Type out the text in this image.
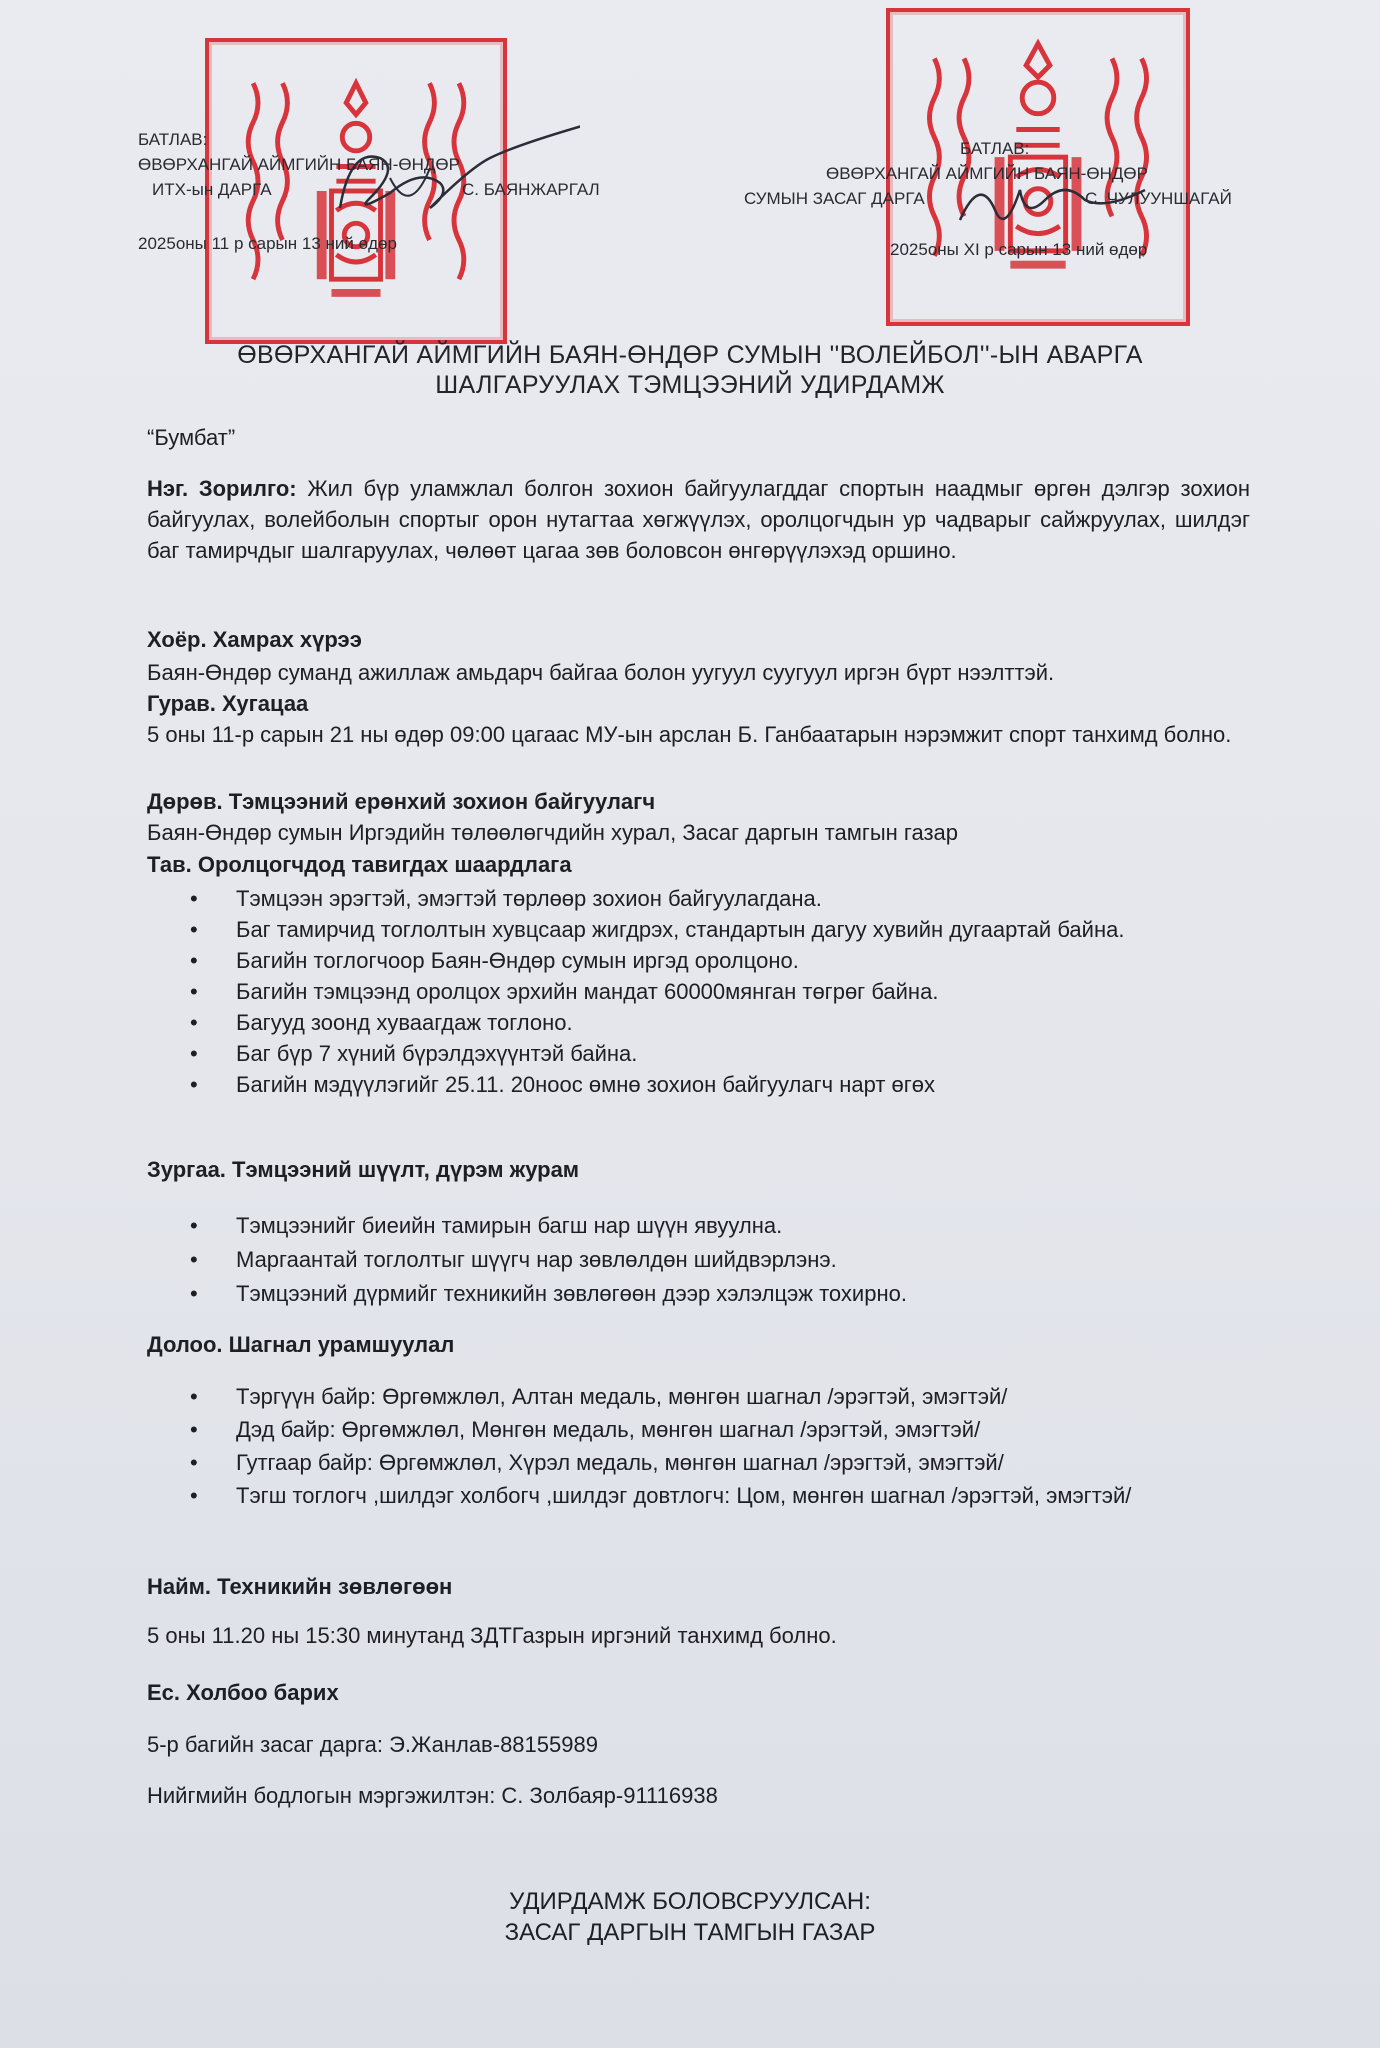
БАТЛАВ:
ӨВӨРХАНГАЙ АЙМГИЙН БАЯН-ӨНДӨР
ИТХ-ын ДАРГА	С. БАЯНЖАРГАЛ
2025оны 11 р сарын 13 ний өдөр
БАТЛАВ:
ӨВӨРХАНГАЙ АЙМГИЙН БАЯН-ӨНДӨР
СУМЫН ЗАСАГ ДАРГА	С. ЧУЛУУНШАГАЙ
2025оны XI р сарын 13 ний өдөр
ӨВӨРХАНГАЙ АЙМГИЙН БАЯН-ӨНДӨР СУМЫН ''ВОЛЕЙБОЛ''-ЫН АВАРГА
ШАЛГАРУУЛАХ ТЭМЦЭЭНИЙ УДИРДАМЖ
“Бумбат”
Нэг. Зорилго: Жил бүр уламжлал болгон зохион байгуулагддаг спортын наадмыг өргөн дэлгэр зохион байгуулах, волейболын спортыг орон нутагтаа хөгжүүлэх, оролцогчдын ур чадварыг сайжруулах, шилдэг баг тамирчдыг шалгаруулах, чөлөөт цагаа зөв боловсон өнгөрүүлэхэд оршино.
Хоёр. Хамрах хүрээ
Баян-Өндөр суманд ажиллаж амьдарч байгаа болон уугуул суугуул иргэн бүрт нээлттэй.
Гурав. Хугацаа
5 оны 11-р сарын 21 ны өдөр 09:00 цагаас МУ-ын арслан Б. Ганбаатарын нэрэмжит спорт танхимд болно.
Дөрөв. Тэмцээний ерөнхий зохион байгуулагч
Баян-Өндөр сумын Иргэдийн төлөөлөгчдийн хурал, Засаг даргын тамгын газар
Тав. Оролцогчдод тавигдах шаардлага
• Тэмцээн эрэгтэй, эмэгтэй төрлөөр зохион байгуулагдана.
• Баг тамирчид тоглолтын хувцсаар жигдрэх, стандартын дагуу хувийн дугаартай байна.
• Багийн тоглогчоор Баян-Өндөр сумын иргэд оролцоно.
• Багийн тэмцээнд оролцох эрхийн мандат 60000мянган төгрөг байна.
• Багууд зоонд хуваагдаж тоглоно.
• Баг бүр 7 хүний бүрэлдэхүүнтэй байна.
• Багийн мэдүүлэгийг 25.11. 20ноос өмнө зохион байгуулагч нарт өгөх
Зургаа. Тэмцээний шүүлт, дүрэм журам
• Тэмцээнийг биеийн тамирын багш нар шүүн явуулна.
• Маргаантай тоглолтыг шүүгч нар зөвлөлдөн шийдвэрлэнэ.
• Тэмцээний дүрмийг техникийн зөвлөгөөн дээр хэлэлцэж тохирно.
Долоо. Шагнал урамшуулал
• Тэргүүн байр: Өргөмжлөл, Алтан медаль, мөнгөн шагнал /эрэгтэй, эмэгтэй/
• Дэд байр: Өргөмжлөл, Мөнгөн медаль, мөнгөн шагнал /эрэгтэй, эмэгтэй/
• Гутгаар байр: Өргөмжлөл, Хүрэл медаль, мөнгөн шагнал /эрэгтэй, эмэгтэй/
• Тэгш тоглогч ,шилдэг холбогч ,шилдэг довтлогч: Цом, мөнгөн шагнал /эрэгтэй, эмэгтэй/
Найм. Техникийн зөвлөгөөн
5 оны 11.20 ны 15:30 минутанд ЗДТГазрын иргэний танхимд болно.
Ес. Холбоо барих
5-р багийн засаг дарга: Э.Жанлав-88155989
Нийгмийн бодлогын мэргэжилтэн: С. Золбаяр-91116938
УДИРДАМЖ БОЛОВСРУУЛСАН:
ЗАСАГ ДАРГЫН ТАМГЫН ГАЗАР
